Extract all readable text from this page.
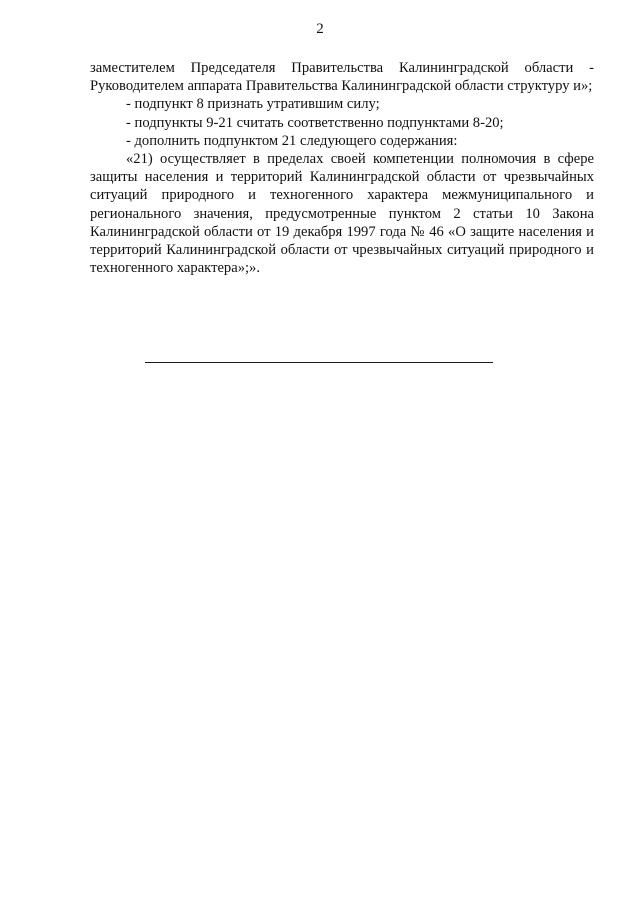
2

заместителем Председателя Правительства Калининградской области - Руководителем аппарата Правительства Калининградской области структуру и»;

- подпункт 8 признать утратившим силу;

- подпункты 9-21 считать соответственно подпунктами 8-20;

- дополнить подпунктом 21 следующего содержания:

«21) осуществляет в пределах своей компетенции полномочия в сфере защиты населения и территорий Калининградской области от чрезвычайных ситуаций природного и техногенного характера межмуниципального и регионального значения, предусмотренные пунктом 2 статьи 10 Закона Калининградской области от 19 декабря 1997 года № 46 «О защите населения и территорий Калининградской области от чрезвычайных ситуаций природного и техногенного характера»;».
